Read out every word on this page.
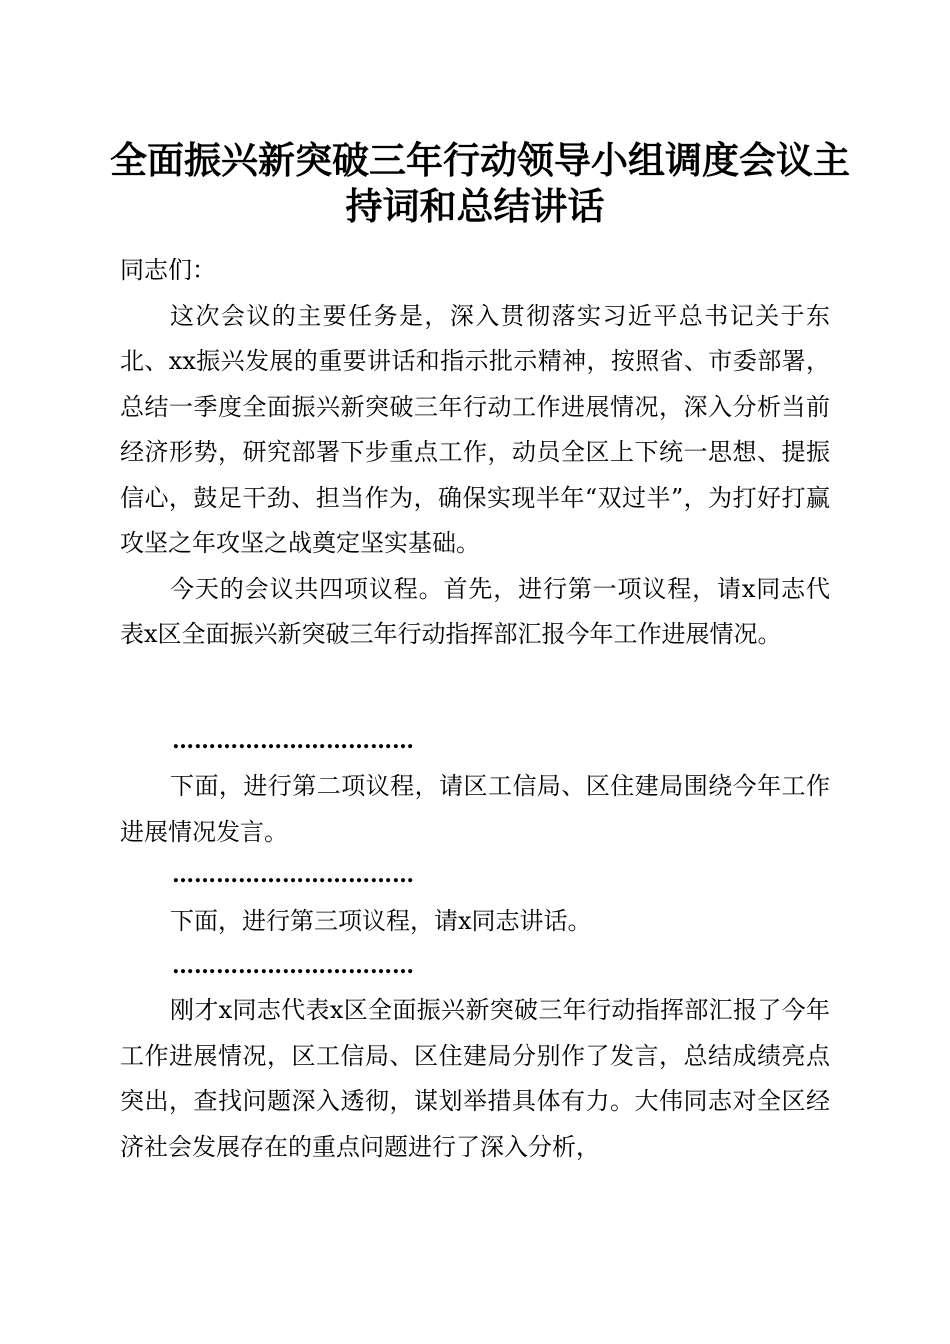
全面振兴新突破三年行动领导小组调度会议主
持词和总结讲话

同志们：

这次会议的主要任务是，深入贯彻落实习近平总书记关于东北、xx振兴发展的重要讲话和指示批示精神，按照省、市委部署，总结一季度全面振兴新突破三年行动工作进展情况，深入分析当前经济形势，研究部署下步重点工作，动员全区上下统一思想、提振信心，鼓足干劲、担当作为，确保实现半年“双过半”，为打好打赢攻坚之年攻坚之战奠定坚实基础。

今天的会议共四项议程。首先，进行第一项议程，请x同志代表x区全面振兴新突破三年行动指挥部汇报今年工作进展情况。

……………………………

下面，进行第二项议程，请区工信局、区住建局围绕今年工作进展情况发言。

……………………………

下面，进行第三项议程，请x同志讲话。

……………………………

刚才x同志代表x区全面振兴新突破三年行动指挥部汇报了今年工作进展情况，区工信局、区住建局分别作了发言，总结成绩亮点突出，查找问题深入透彻，谋划举措具体有力。大伟同志对全区经济社会发展存在的重点问题进行了深入分析，
